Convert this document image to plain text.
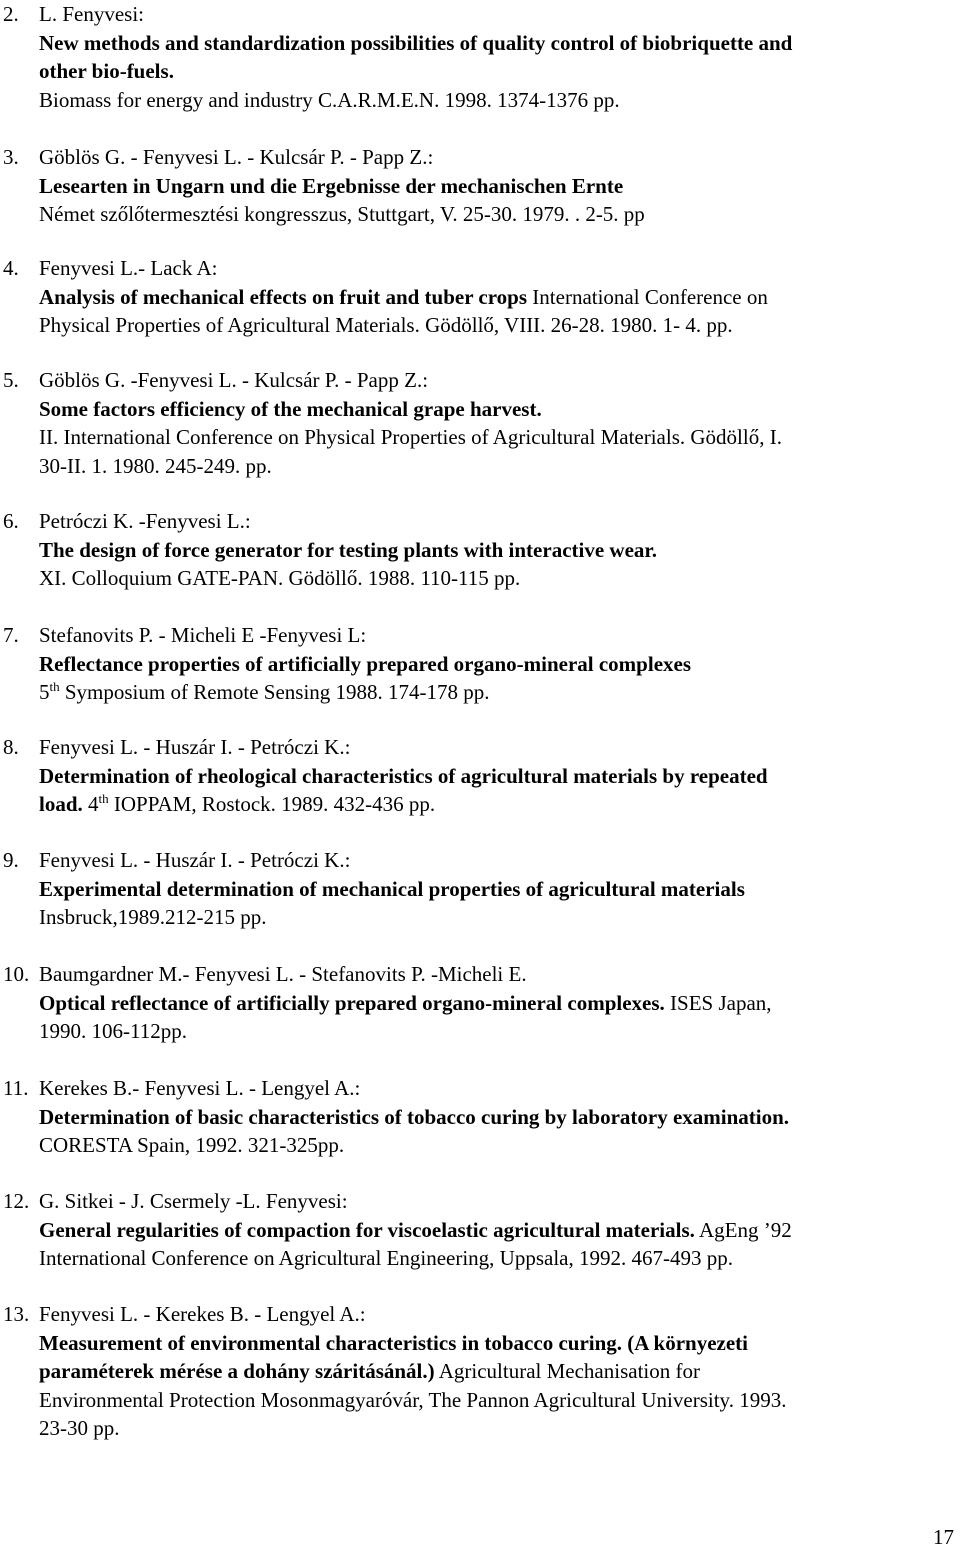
2. L. Fenyvesi:
New methods and standardization possibilities of quality control of biobriquette and
other bio-fuels.
Biomass for energy and industry C.A.R.M.E.N. 1998. 1374-1376 pp.
3. Göblös G. - Fenyvesi L. - Kulcsár P. - Papp Z.:
Lesearten in Ungarn und die Ergebnisse der mechanischen Ernte
Német szőlőtermesztési kongresszus, Stuttgart, V. 25-30. 1979. . 2-5. pp
4. Fenyvesi L.- Lack A:
Analysis of mechanical effects on fruit and tuber crops International Conference on
Physical Properties of Agricultural Materials. Gödöllő, VIII. 26-28. 1980. 1- 4. pp.
5. Göblös G. -Fenyvesi L. - Kulcsár P. - Papp Z.:
Some factors efficiency of the mechanical grape harvest.
II. International Conference on Physical Properties of Agricultural Materials. Gödöllő, I.
30-II. 1. 1980. 245-249. pp.
6. Petróczi K. -Fenyvesi L.:
The design of force generator for testing plants with interactive wear.
XI. Colloquium GATE-PAN. Gödöllő. 1988. 110-115 pp.
7. Stefanovits P. - Micheli E -Fenyvesi L:
Reflectance properties of artificially prepared organo-mineral complexes
5th Symposium of Remote Sensing 1988. 174-178 pp.
8. Fenyvesi L. - Huszár I. - Petróczi K.:
Determination of rheological characteristics of agricultural materials by repeated
load. 4th IOPPAM, Rostock. 1989. 432-436 pp.
9. Fenyvesi L. - Huszár I. - Petróczi K.:
Experimental determination of mechanical properties of agricultural materials
Insbruck,1989.212-215 pp.
10. Baumgardner M.- Fenyvesi L. - Stefanovits P. -Micheli E.
Optical reflectance of artificially prepared organo-mineral complexes. ISES Japan,
1990. 106-112pp.
11. Kerekes B.- Fenyvesi L. - Lengyel A.:
Determination of basic characteristics of tobacco curing by laboratory examination.
CORESTA Spain, 1992. 321-325pp.
12. G. Sitkei - J. Csermely -L. Fenyvesi:
General regularities of compaction for viscoelastic agricultural materials. AgEng ’92
International Conference on Agricultural Engineering, Uppsala, 1992. 467-493 pp.
13. Fenyvesi L. - Kerekes B. - Lengyel A.:
Measurement of environmental characteristics in tobacco curing. (A környezeti
paraméterek mérése a dohány száritásánál.) Agricultural Mechanisation for
Environmental Protection Mosonmagyaróvár, The Pannon Agricultural University. 1993.
23-30 pp.
17
